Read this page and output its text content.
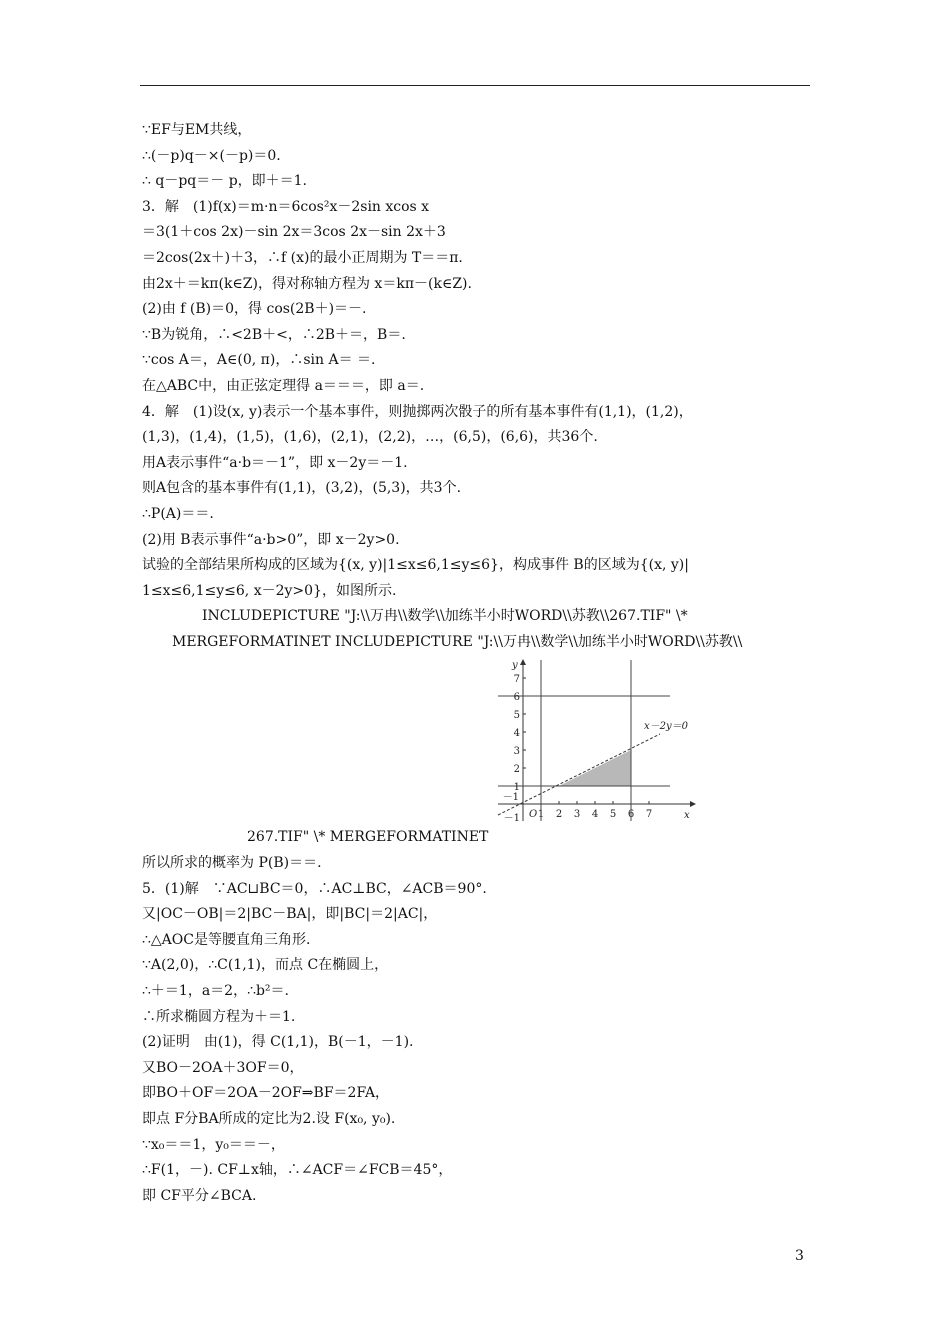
∵EF与EM共线，
∴(－p)q－×(－p)＝0.
∴ q－pq＝－ p，即＋＝1.
3．解　(1)f(x)＝m·n＝6cos²x－2sin xcos x
＝3(1＋cos 2x)－sin 2x＝3cos 2x－sin 2x＋3
＝2cos(2x＋)＋3，∴f (x)的最小正周期为 T＝＝π.
由2x＋＝kπ(k∈Z)，得对称轴方程为 x＝kπ－(k∈Z).
(2)由 f (B)＝0，得 cos(2B＋)＝－.
∵B为锐角，∴<2B＋<，∴2B＋＝，B＝.
∵cos A＝，A∈(0, π)，∴sin A＝ ＝.
在△ABC中，由正弦定理得 a＝＝＝，即 a＝.
4．解　(1)设(x, y)表示一个基本事件，则抛掷两次骰子的所有基本事件有(1,1)，(1,2)，
(1,3)，(1,4)，(1,5)，(1,6)，(2,1)，(2,2)，…，(6,5)，(6,6)，共36个.
用A表示事件“a·b＝－1”，即 x－2y＝－1.
则A包含的基本事件有(1,1)，(3,2)，(5,3)，共3个.
∴P(A)＝＝.
(2)用 B表示事件“a·b>0”，即 x－2y>0.
试验的全部结果所构成的区域为{(x, y)|1≤x≤6,1≤y≤6}，构成事件 B的区域为{(x, y)|
1≤x≤6,1≤y≤6, x－2y>0}，如图所示.
INCLUDEPICTURE "J:\\万冉\\数学\\加练半小时WORD\\苏教\\267.TIF" \*
MERGEFORMATINET INCLUDEPICTURE "J:\\万冉\\数学\\加练半小时WORD\\苏教\\
267.TIF" \* MERGEFORMATINET
所以所求的概率为 P(B)＝＝.
5．(1)解　∵AC⊔BC＝0，∴AC⊥BC，∠ACB＝90°.
又|OC－OB|＝2|BC－BA|，即|BC|＝2|AC|，
∴△AOC是等腰直角三角形.
∵A(2,0)，∴C(1,1)，而点 C在椭圆上，
∴＋＝1，a＝2，∴b²＝.
∴所求椭圆方程为＋＝1.
(2)证明　由(1)，得 C(1,1)，B(－1，－1).
又BO－2OA＋3OF＝0，
即BO＋OF＝2OA－2OF⇒BF＝2FA，
即点 F分BA所成的定比为2.设 F(x₀, y₀).
∵x₀＝＝1，y₀＝＝－，
∴F(1，－). CF⊥x轴，∴∠ACF＝∠FCB＝45°，
即 CF平分∠BCA.
x－2y＝0
x
y
O 1 2 3 4 5 6 7
1
2
3
4
5
6
7
－1
－1
3
